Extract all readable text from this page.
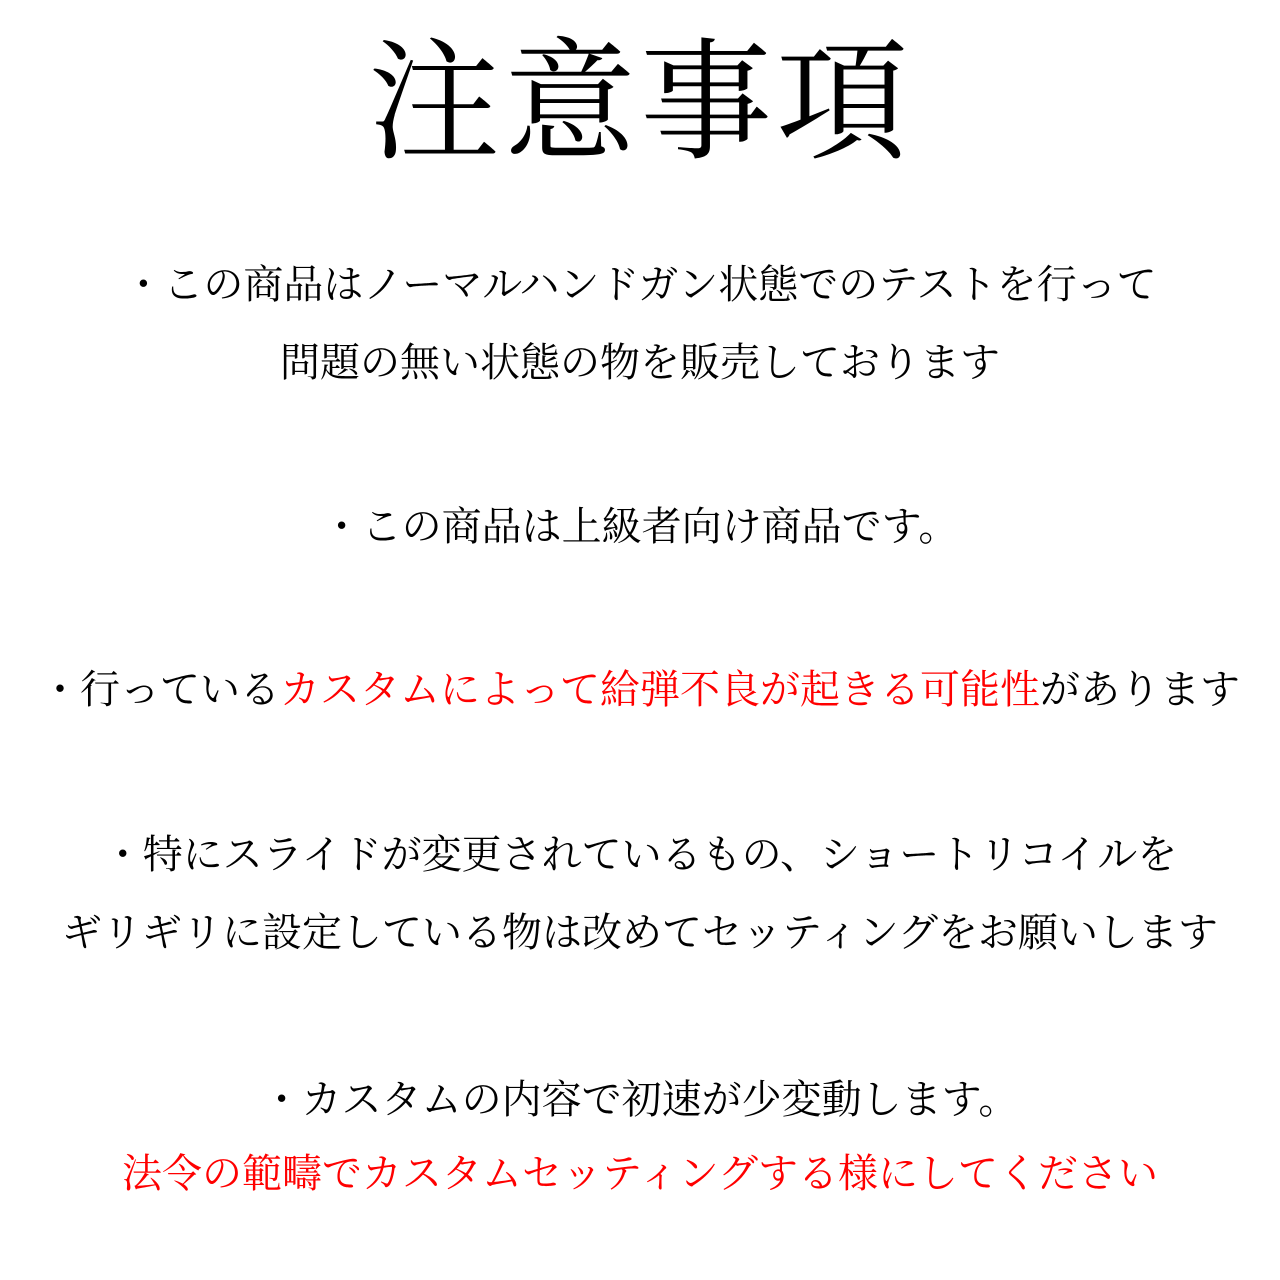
注意事項
・この商品はノーマルハンドガン状態でのテストを行って
問題の無い状態の物を販売しております
・この商品は上級者向け商品です。
・行っているカスタムによって給弾不良が起きる可能性があります
・特にスライドが変更されているもの、ショートリコイルを
ギリギリに設定している物は改めてセッティングをお願いします
・カスタムの内容で初速が少変動します。
法令の範疇でカスタムセッティングする様にしてください
